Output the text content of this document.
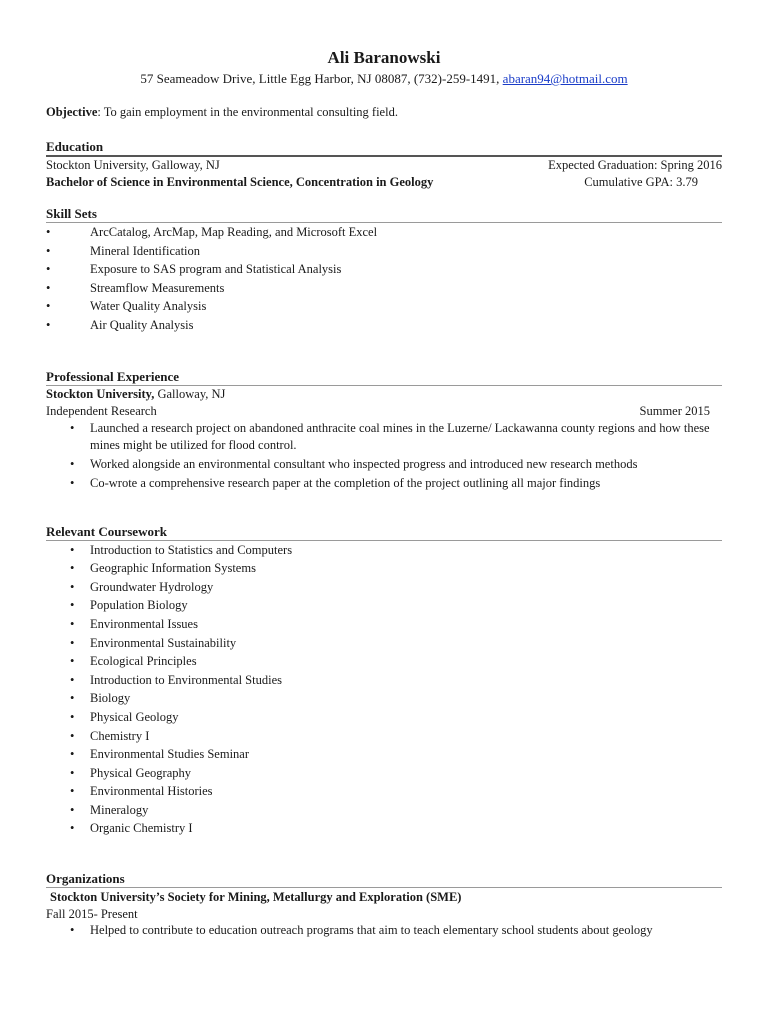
Ali Baranowski
57 Seameadow Drive, Little Egg Harbor, NJ 08087, (732)-259-1491, abaran94@hotmail.com
Objective: To gain employment in the environmental consulting field.
Education
Stockton University, Galloway, NJ	Expected Graduation: Spring 2016
Bachelor of Science in Environmental Science, Concentration in Geology	Cumulative GPA: 3.79
Skill Sets
• ArcCatalog, ArcMap, Map Reading, and Microsoft Excel
• Mineral Identification
• Exposure to SAS program and Statistical Analysis
• Streamflow Measurements
• Water Quality Analysis
• Air Quality Analysis
Professional Experience
Stockton University, Galloway, NJ
Independent Research	Summer 2015
• Launched a research project on abandoned anthracite coal mines in the Luzerne/ Lackawanna county regions and how these mines might be utilized for flood control.
• Worked alongside an environmental consultant who inspected progress and introduced new research methods
• Co-wrote a comprehensive research paper at the completion of the project outlining all major findings
Relevant Coursework
• Introduction to Statistics and Computers
• Geographic Information Systems
• Groundwater Hydrology
• Population Biology
• Environmental Issues
• Environmental Sustainability
• Ecological Principles
• Introduction to Environmental Studies
• Biology
• Physical Geology
• Chemistry I
• Environmental Studies Seminar
• Physical Geography
• Environmental Histories
• Mineralogy
• Organic Chemistry I
Organizations
Stockton University’s Society for Mining, Metallurgy and Exploration (SME)
Fall 2015- Present
• Helped to contribute to education outreach programs that aim to teach elementary school students about geology
